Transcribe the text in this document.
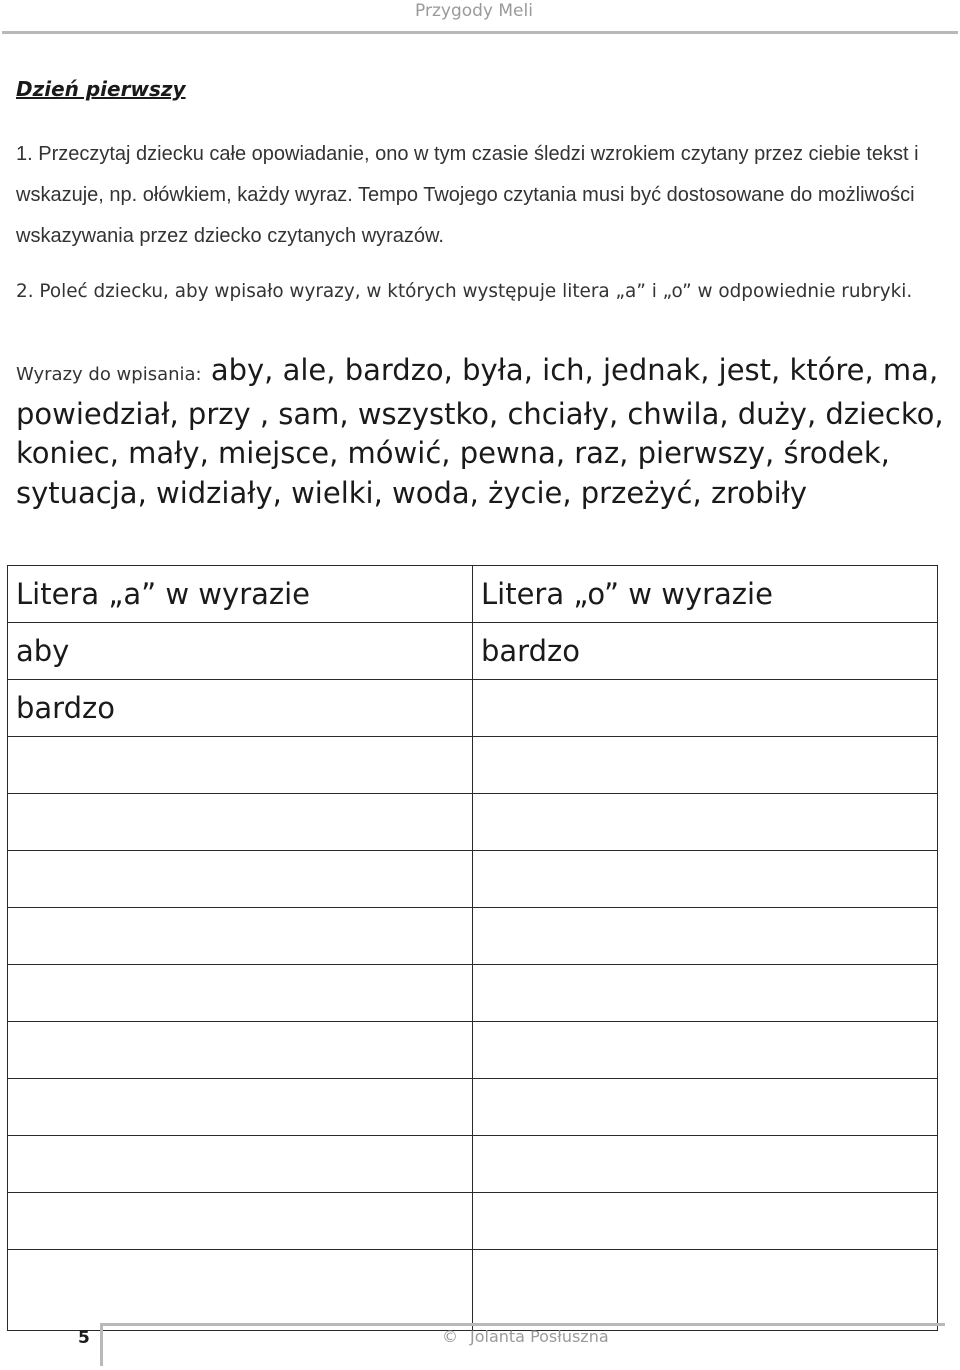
Przygody Meli
Dzień pierwszy
1. Przeczytaj dziecku całe opowiadanie, ono w tym czasie śledzi wzrokiem czytany przez ciebie tekst i wskazuje, np. ołówkiem, każdy wyraz. Tempo Twojego czytania musi być dostosowane do możliwości wskazywania przez dziecko czytanych wyrazów.
2. Poleć dziecku, aby wpisało wyrazy, w których występuje litera „a” i „o” w odpowiednie rubryki.
Wyrazy do wpisania: aby, ale, bardzo, była, ich, jednak, jest, które, ma, powiedział, przy , sam, wszystko, chciały, chwila, duży, dziecko, koniec, mały, miejsce, mówić, pewna, raz, pierwszy, środek, sytuacja, widziały, wielki, woda, życie, przeżyć, zrobiły
Litera „a” w wyrazie	Litera „o” w wyrazie
aby	bardzo
bardzo	

5	© Jolanta Posłuszna
